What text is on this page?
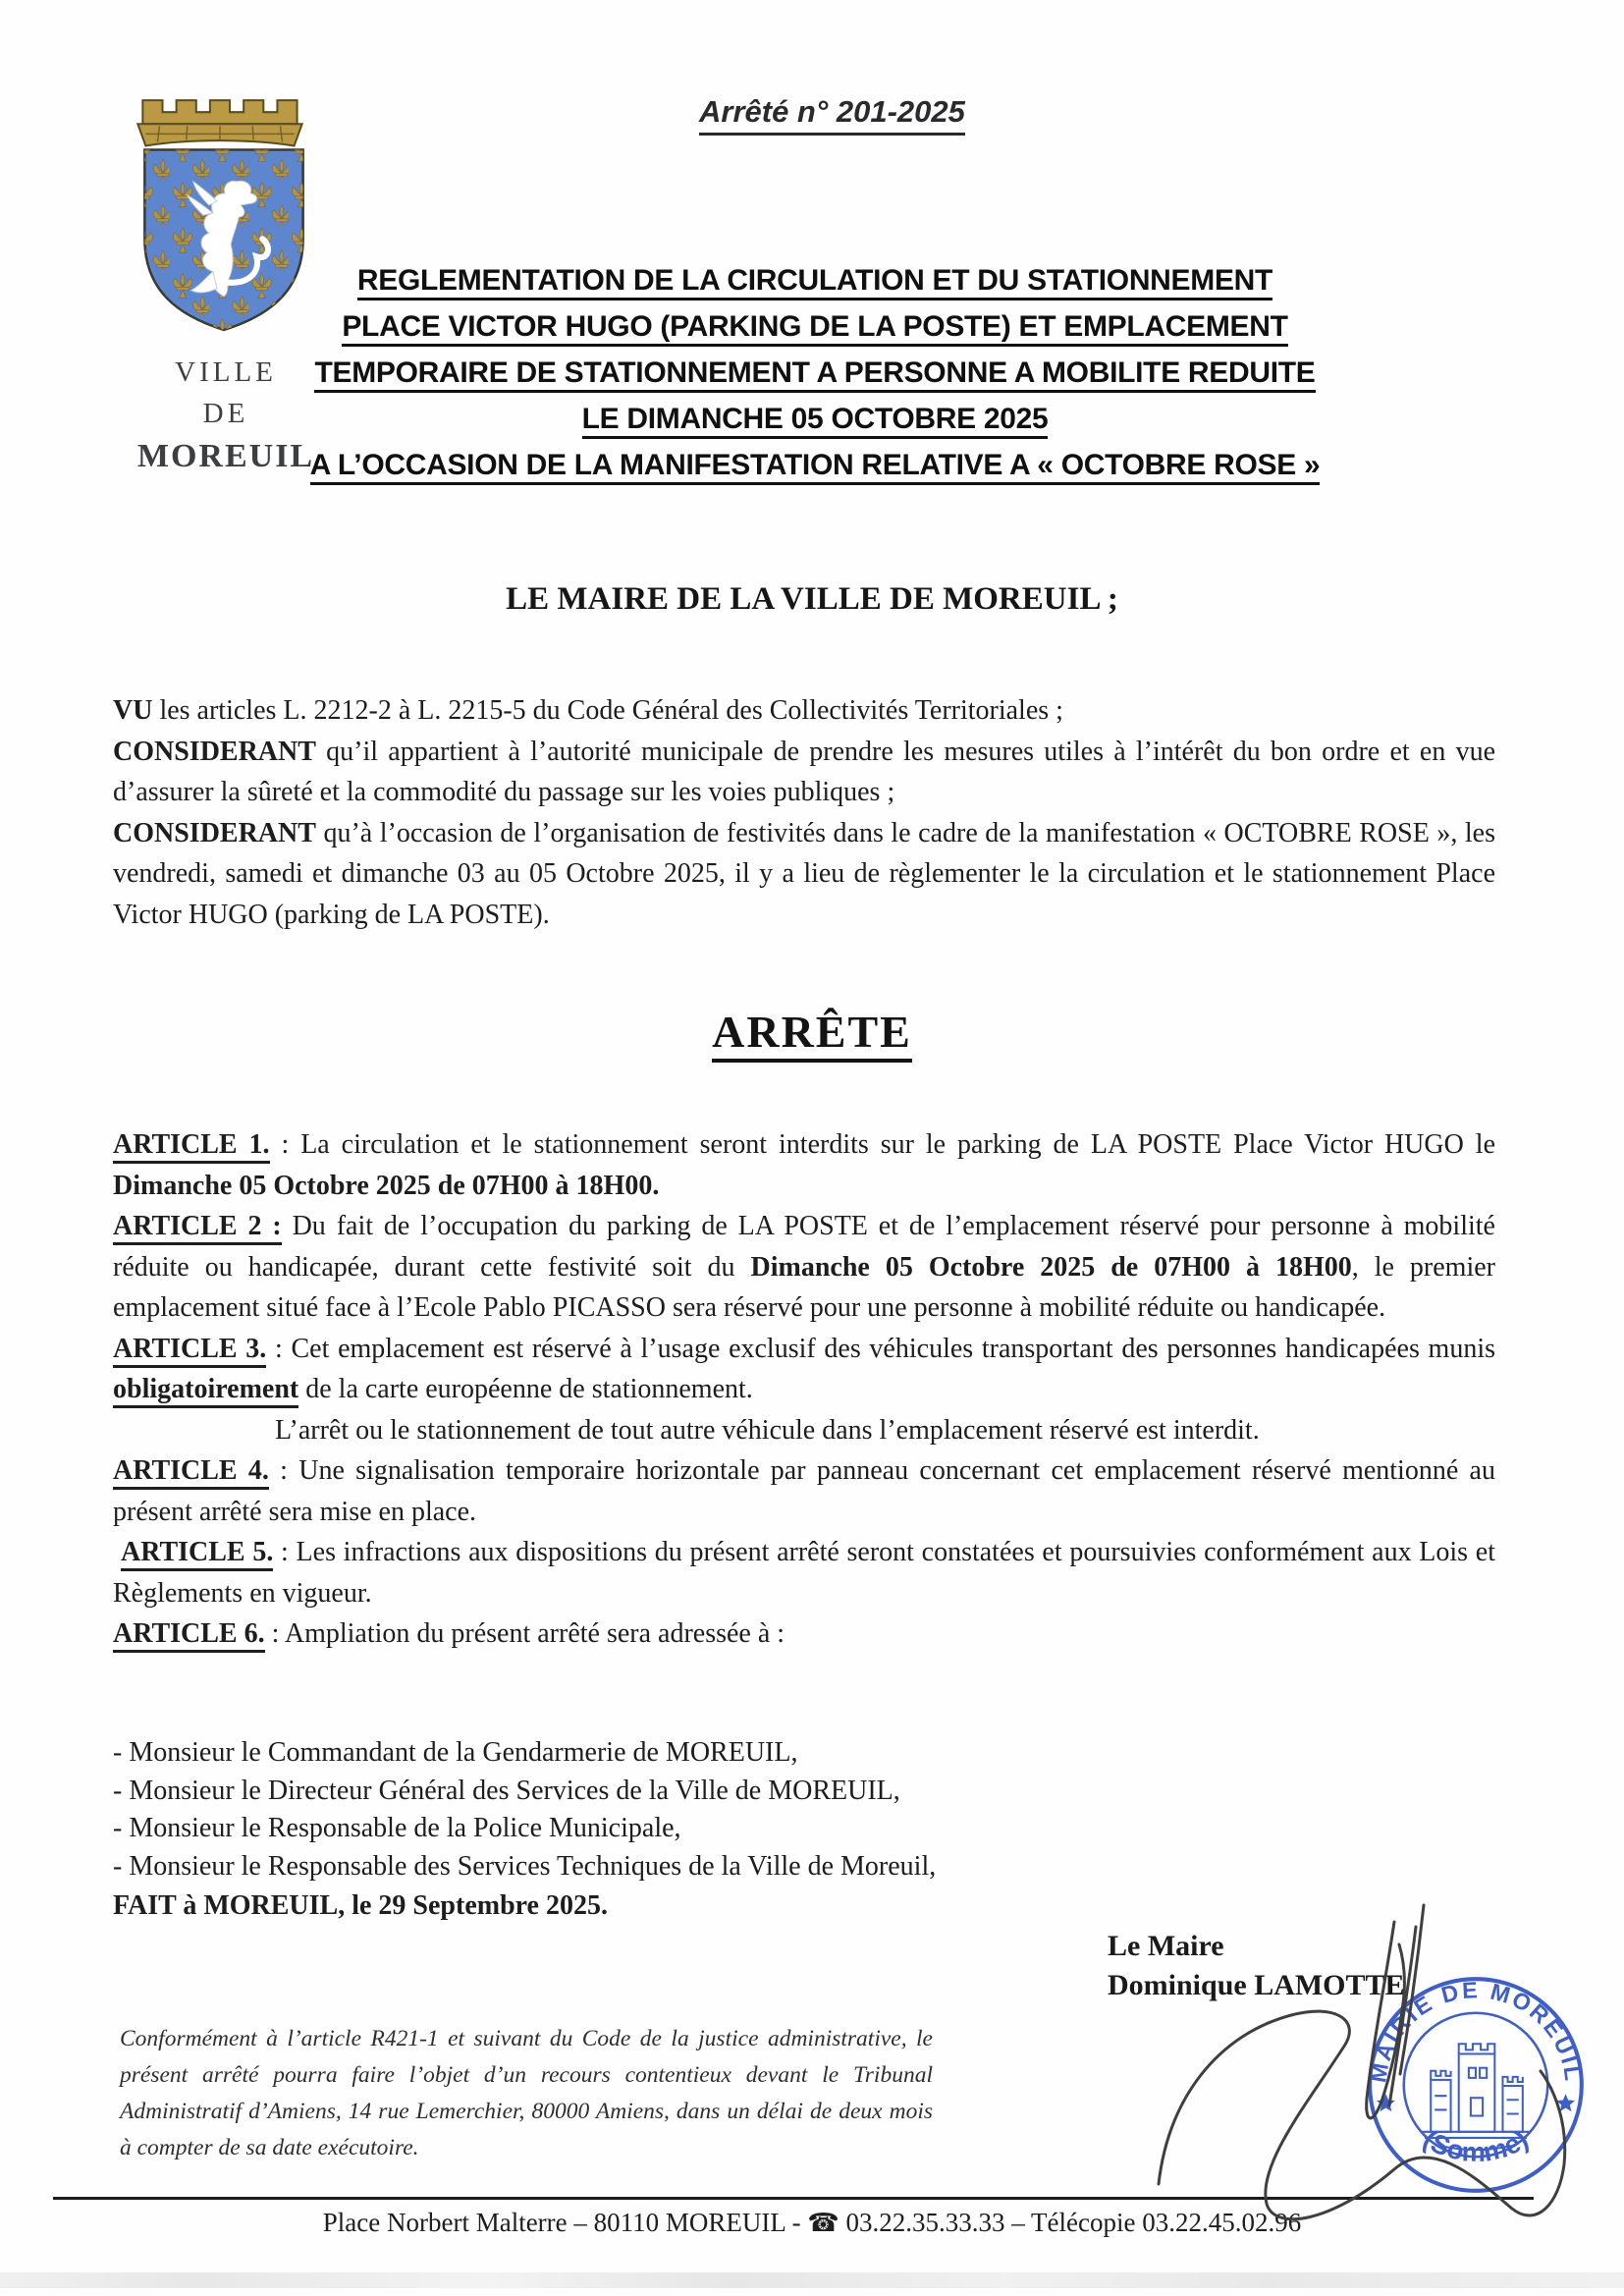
Arrêté n° 201-2025
VILLE
DE
MOREUIL
REGLEMENTATION DE LA CIRCULATION ET DU STATIONNEMENT
PLACE VICTOR HUGO (PARKING DE LA POSTE) ET EMPLACEMENT
TEMPORAIRE DE STATIONNEMENT A PERSONNE A MOBILITE REDUITE
LE DIMANCHE 05 OCTOBRE 2025
A L’OCCASION DE LA MANIFESTATION RELATIVE A « OCTOBRE ROSE »
LE MAIRE DE LA VILLE DE MOREUIL ;

VU les articles L. 2212-2 à L. 2215-5 du Code Général des Collectivités Territoriales ;

CONSIDERANT qu’il appartient à l’autorité municipale de prendre les mesures utiles à l’intérêt du bon ordre et en vue d’assurer la sûreté et la commodité du passage sur les voies publiques ;

CONSIDERANT qu’à l’occasion de l’organisation de festivités dans le cadre de la manifestation « OCTOBRE ROSE », les vendredi, samedi et dimanche 03 au 05 Octobre 2025, il y a lieu de règlementer le la circulation et le stationnement Place Victor HUGO (parking de LA POSTE).

ARRÊTE

ARTICLE 1. : La circulation et le stationnement seront interdits sur le parking de LA POSTE Place Victor HUGO le Dimanche 05 Octobre 2025 de 07H00 à 18H00.

ARTICLE 2 : Du fait de l’occupation du parking de LA POSTE et de l’emplacement réservé pour personne à mobilité réduite ou handicapée, durant cette festivité soit du Dimanche 05 Octobre 2025 de 07H00 à 18H00, le premier emplacement situé face à l’Ecole Pablo PICASSO sera réservé pour une personne à mobilité réduite ou handicapée.

ARTICLE 3. : Cet emplacement est réservé à l’usage exclusif des véhicules transportant des personnes handicapées munis obligatoirement de la carte européenne de stationnement.

L’arrêt ou le stationnement de tout autre véhicule dans l’emplacement réservé est interdit.

ARTICLE 4. : Une signalisation temporaire horizontale par panneau concernant cet emplacement réservé mentionné au présent arrêté sera mise en place.

ARTICLE 5. : Les infractions aux dispositions du présent arrêté seront constatées et poursuivies conformément aux Lois et Règlements en vigueur.

ARTICLE 6. : Ampliation du présent arrêté sera adressée à :

- Monsieur le Commandant de la Gendarmerie de MOREUIL,

- Monsieur le Directeur Général des Services de la Ville de MOREUIL,

- Monsieur le Responsable de la Police Municipale,

- Monsieur le Responsable des Services Techniques de la Ville de Moreuil,

FAIT à MOREUIL, le 29 Septembre 2025.

Le Maire
Dominique LAMOTTE
Conformément à l’article R421-1 et suivant du Code de la justice administrative, le présent arrêté pourra faire l’objet d’un recours contentieux devant le Tribunal Administratif d’Amiens, 14 rue Lemerchier, 80000 Amiens, dans un délai de deux mois à compter de sa date exécutoire.
Place Norbert Malterre – 80110 MOREUIL - ☎ 03.22.35.33.33 – Télécopie 03.22.45.02.96
MAIRIE DE MOREUIL
(Somme)
